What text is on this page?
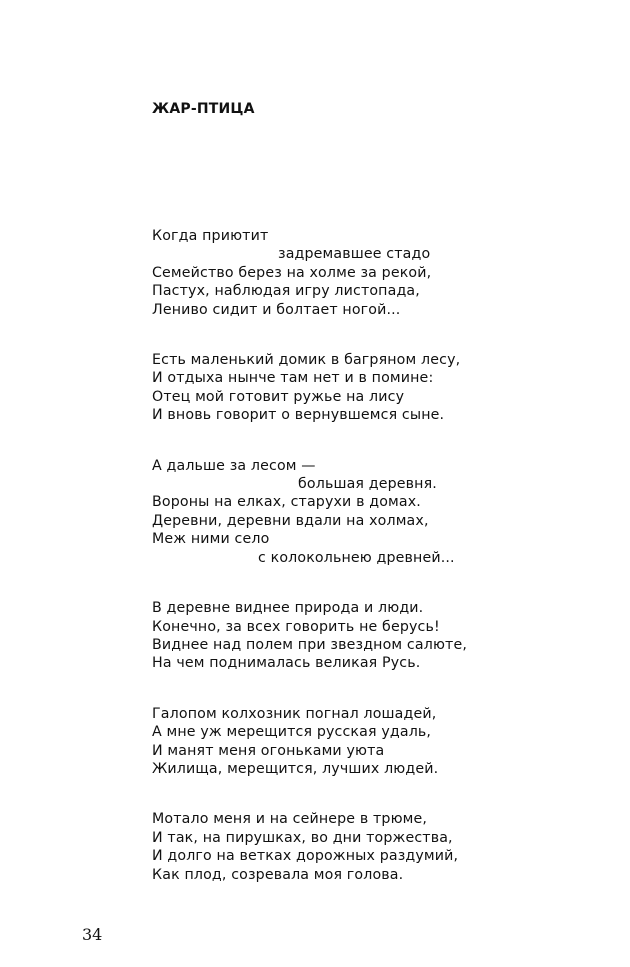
ЖАР-ПТИЦА
Когда приютит
задремавшее стадо
Семейство берез на холме за рекой,
Пастух, наблюдая игру листопада,
Лениво сидит и болтает ногой...
Есть маленький домик в багряном лесу,
И отдыха нынче там нет и в помине:
Отец мой готовит ружье на лису
И вновь говорит о вернувшемся сыне.
А дальше за лесом —
большая деревня.
Вороны на елках, старухи в домах.
Деревни, деревни вдали на холмах,
Меж ними село
с колокольнею древней...
В деревне виднее природа и люди.
Конечно, за всех говорить не берусь!
Виднее над полем при звездном салюте,
На чем поднималась великая Русь.
Галопом колхозник погнал лошадей,
А мне уж мерещится русская удаль,
И манят меня огоньками уюта
Жилища, мерещится, лучших людей.
Мотало меня и на сейнере в трюме,
И так, на пирушках, во дни торжества,
И долго на ветках дорожных раздумий,
Как плод, созревала моя голова.
34
